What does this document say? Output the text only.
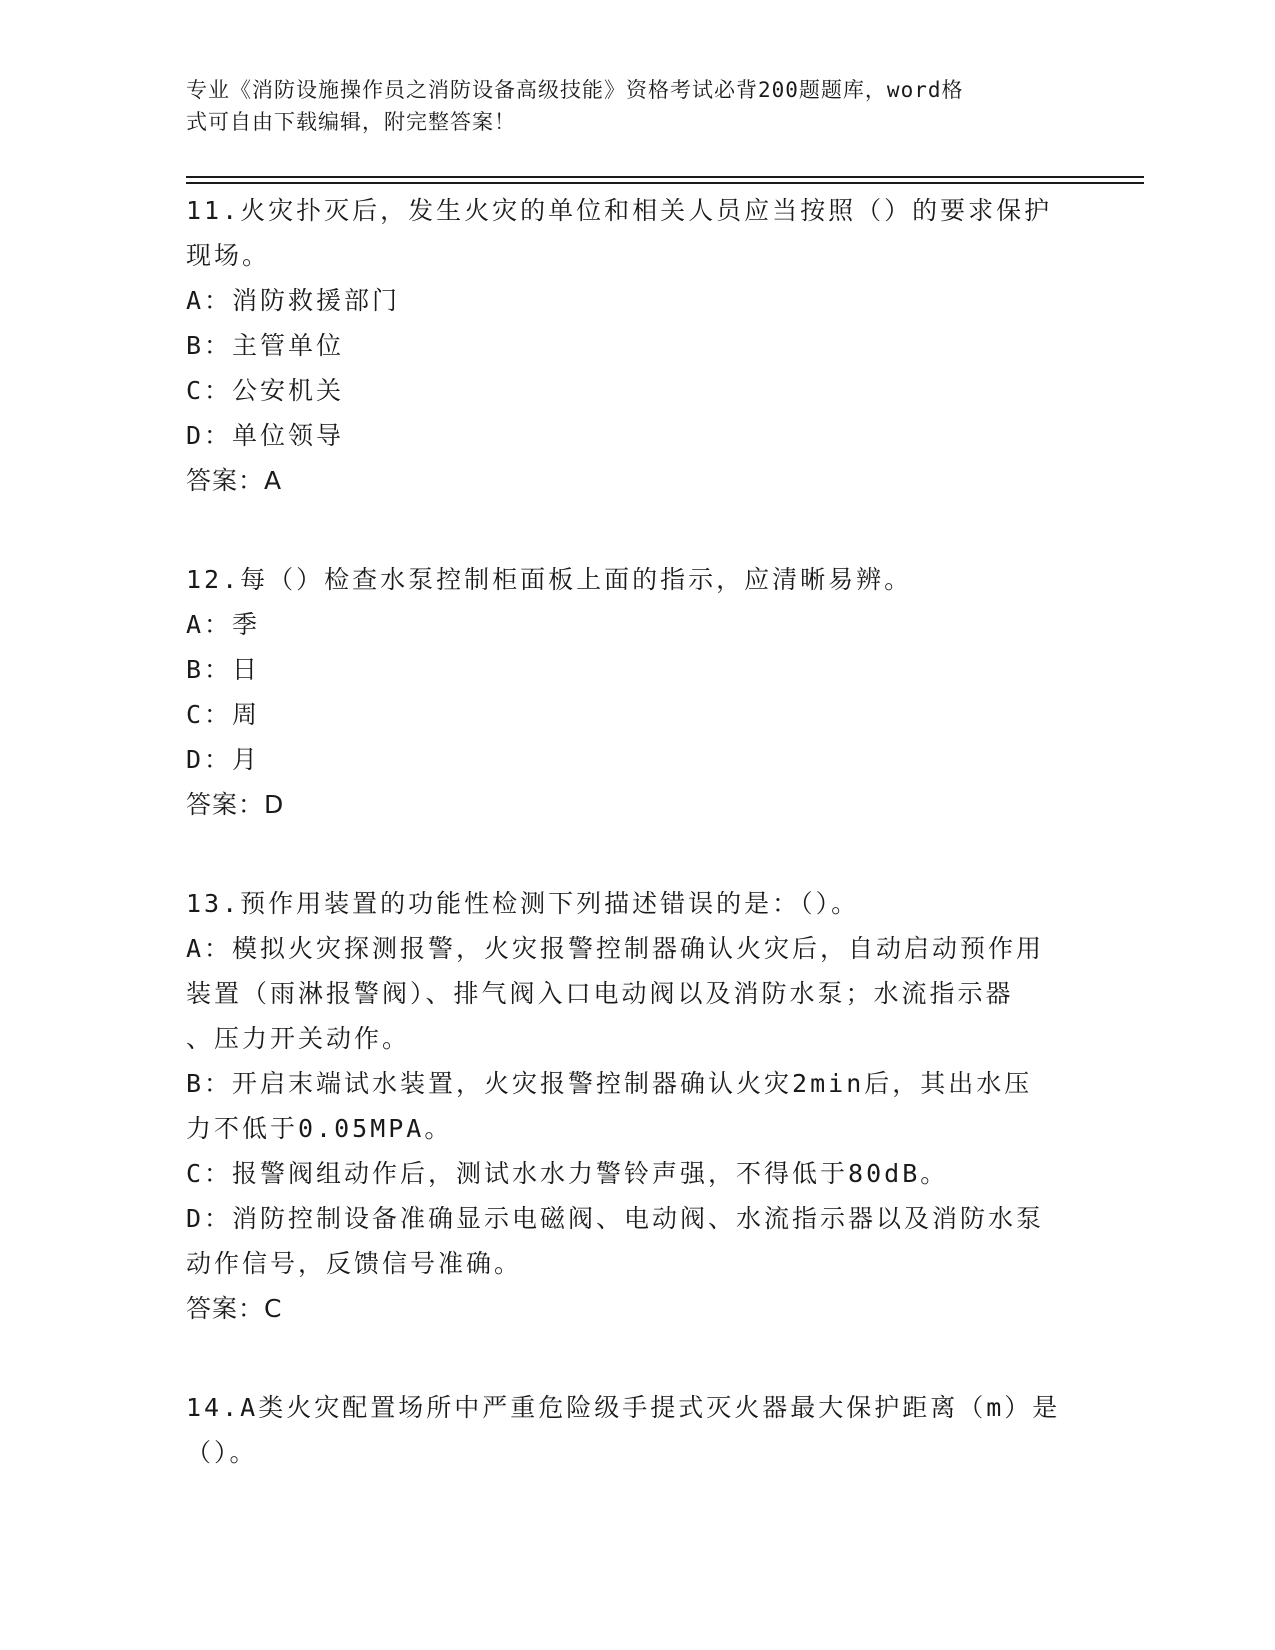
专业《消防设施操作员之消防设备高级技能》资格考试必背200题题库，word格
式可自由下载编辑，附完整答案！
11.火灾扑灭后，发生火灾的单位和相关人员应当按照（）的要求保护
现场。
A：消防救援部门
B：主管单位
C：公安机关
D：单位领导
答案：A
12.每（）检查水泵控制柜面板上面的指示，应清晰易辨。
A：季
B：日
C：周
D：月
答案：D
13.预作用装置的功能性检测下列描述错误的是：（）。
A：模拟火灾探测报警，火灾报警控制器确认火灾后，自动启动预作用
装置（雨淋报警阀）、排气阀入口电动阀以及消防水泵；水流指示器
、压力开关动作。
B：开启末端试水装置，火灾报警控制器确认火灾2min后，其出水压
力不低于0.05MPA。
C：报警阀组动作后，测试水水力警铃声强，不得低于80dB。
D：消防控制设备准确显示电磁阀、电动阀、水流指示器以及消防水泵
动作信号，反馈信号准确。
答案：C
14.A类火灾配置场所中严重危险级手提式灭火器最大保护距离（m）是
（）。
